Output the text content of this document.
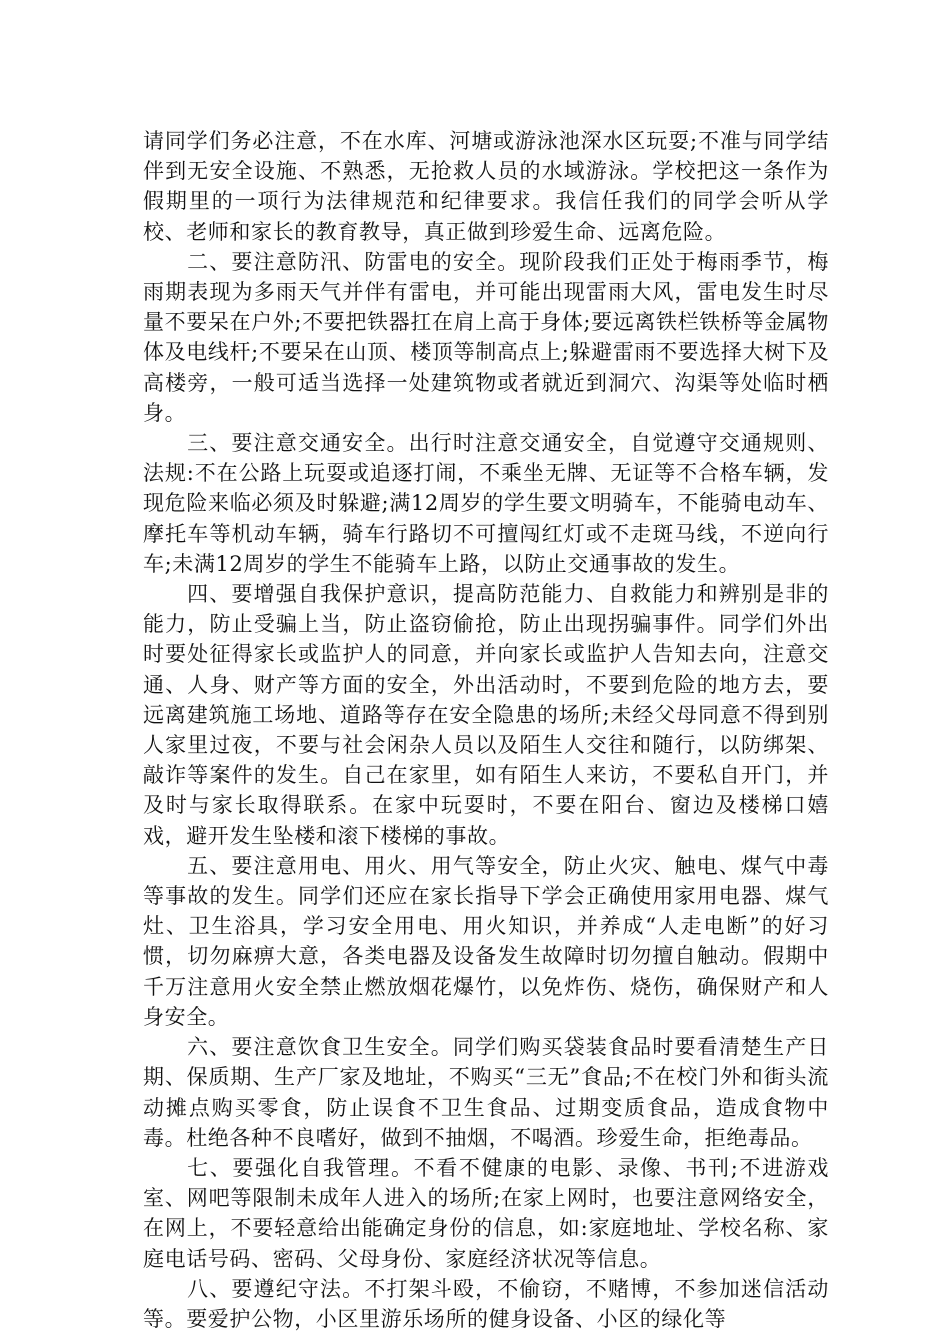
请同学们务必注意，不在水库、河塘或游泳池深水区玩耍;不准与同学结伴到无安全设施、不熟悉，无抢救人员的水域游泳。学校把这一条作为假期里的一项行为法律规范和纪律要求。我信任我们的同学会听从学校、老师和家长的教育教导，真正做到珍爱生命、远离危险。

二、要注意防汛、防雷电的安全。现阶段我们正处于梅雨季节，梅雨期表现为多雨天气并伴有雷电，并可能出现雷雨大风，雷电发生时尽量不要呆在户外;不要把铁器扛在肩上高于身体;要远离铁栏铁桥等金属物体及电线杆;不要呆在山顶、楼顶等制高点上;躲避雷雨不要选择大树下及高楼旁，一般可适当选择一处建筑物或者就近到洞穴、沟渠等处临时栖身。

三、要注意交通安全。出行时注意交通安全，自觉遵守交通规则、法规:不在公路上玩耍或追逐打闹，不乘坐无牌、无证等不合格车辆，发现危险来临必须及时躲避;满12周岁的学生要文明骑车，不能骑电动车、摩托车等机动车辆，骑车行路切不可擅闯红灯或不走斑马线，不逆向行车;未满12周岁的学生不能骑车上路，以防止交通事故的发生。

四、要增强自我保护意识，提高防范能力、自救能力和辨别是非的能力，防止受骗上当，防止盗窃偷抢，防止出现拐骗事件。同学们外出时要处征得家长或监护人的同意，并向家长或监护人告知去向，注意交通、人身、财产等方面的安全，外出活动时，不要到危险的地方去，要远离建筑施工场地、道路等存在安全隐患的场所;未经父母同意不得到别人家里过夜，不要与社会闲杂人员以及陌生人交往和随行，以防绑架、敲诈等案件的发生。自己在家里，如有陌生人来访，不要私自开门，并及时与家长取得联系。在家中玩耍时，不要在阳台、窗边及楼梯口嬉戏，避开发生坠楼和滚下楼梯的事故。

五、要注意用电、用火、用气等安全，防止火灾、触电、煤气中毒等事故的发生。同学们还应在家长指导下学会正确使用家用电器、煤气灶、卫生浴具，学习安全用电、用火知识，并养成“人走电断”的好习惯，切勿麻痹大意，各类电器及设备发生故障时切勿擅自触动。假期中千万注意用火安全禁止燃放烟花爆竹，以免炸伤、烧伤，确保财产和人身安全。

六、要注意饮食卫生安全。同学们购买袋装食品时要看清楚生产日期、保质期、生产厂家及地址，不购买“三无”食品;不在校门外和街头流动摊点购买零食，防止误食不卫生食品、过期变质食品，造成食物中毒。杜绝各种不良嗜好，做到不抽烟，不喝酒。珍爱生命，拒绝毒品。

七、要强化自我管理。不看不健康的电影、录像、书刊;不进游戏室、网吧等限制未成年人进入的场所;在家上网时，也要注意网络安全，在网上，不要轻意给出能确定身份的信息，如:家庭地址、学校名称、家庭电话号码、密码、父母身份、家庭经济状况等信息。

八、要遵纪守法。不打架斗殴，不偷窃，不赌博，不参加迷信活动等。要爱护公物，小区里游乐场所的健身设备、小区的绿化等
